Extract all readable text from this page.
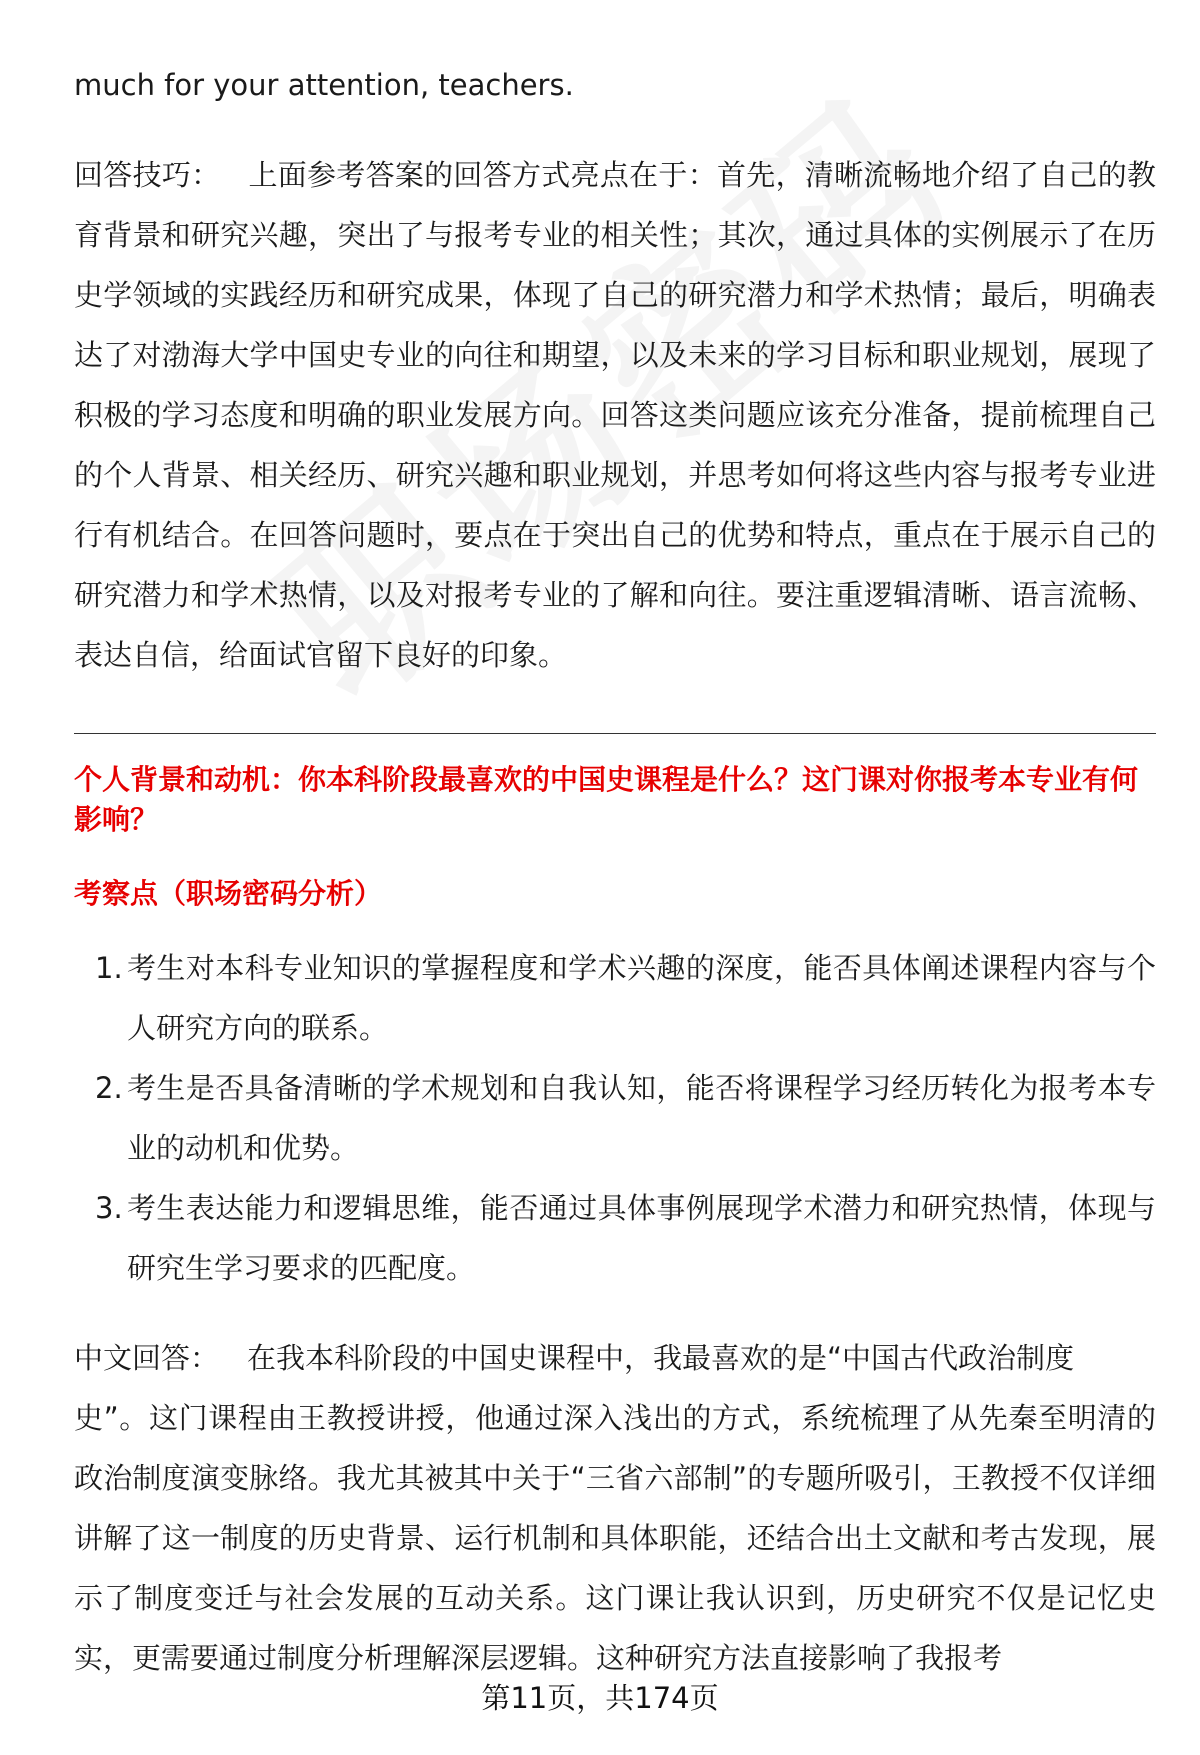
much for your attention, teachers.

回答技巧： 上面参考答案的回答方式亮点在于：首先，清晰流畅地介绍了自己的教育背景和研究兴趣，突出了与报考专业的相关性；其次，通过具体的实例展示了在历史学领域的实践经历和研究成果，体现了自己的研究潜力和学术热情；最后，明确表达了对渤海大学中国史专业的向往和期望，以及未来的学习目标和职业规划，展现了积极的学习态度和明确的职业发展方向。回答这类问题应该充分准备，提前梳理自己的个人背景、相关经历、研究兴趣和职业规划，并思考如何将这些内容与报考专业进行有机结合。在回答问题时，要点在于突出自己的优势和特点，重点在于展示自己的研究潜力和学术热情，以及对报考专业的了解和向往。要注重逻辑清晰、语言流畅、表达自信，给面试官留下良好的印象。

个人背景和动机：你本科阶段最喜欢的中国史课程是什么？这门课对你报考本专业有何影响？

考察点（职场密码分析）

1. 考生对本科专业知识的掌握程度和学术兴趣的深度，能否具体阐述课程内容与个人研究方向的联系。
2. 考生是否具备清晰的学术规划和自我认知，能否将课程学习经历转化为报考本专业的动机和优势。
3. 考生表达能力和逻辑思维，能否通过具体事例展现学术潜力和研究热情，体现与研究生学习要求的匹配度。

中文回答： 在我本科阶段的中国史课程中，我最喜欢的是“中国古代政治制度

史”。这门课程由王教授讲授，他通过深入浅出的方式，系统梳理了从先秦至明清的政治制度演变脉络。我尤其被其中关于“三省六部制”的专题所吸引，王教授不仅详细讲解了这一制度的历史背景、运行机制和具体职能，还结合出土文献和考古发现，展示了制度变迁与社会发展的互动关系。这门课让我认识到，历史研究不仅是记忆史实，更需要通过制度分析理解深层逻辑。这种研究方法直接影响了我报考

第11页，共174页
